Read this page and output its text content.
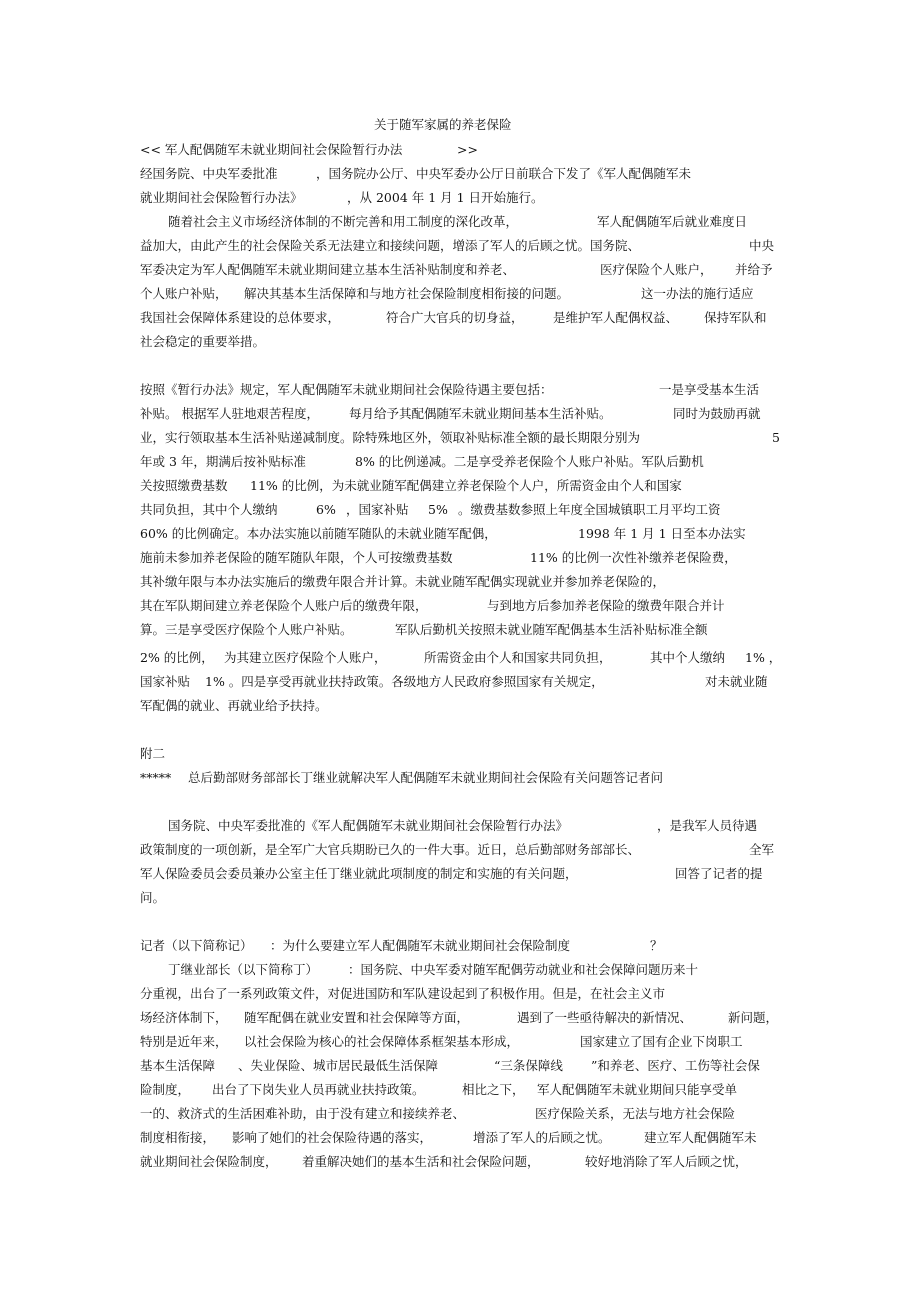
关于随军家属的养老保险
<< 军人配偶随军未就业期间社会保险暂行办法	>>
经国务院、中央军委批准	，国务院办公厅、中央军委办公厅日前联合下发了《军人配偶随军未
就业期间社会保险暂行办法》	，从 2004 年 1 月 1 日开始施行。
随着社会主义市场经济体制的不断完善和用工制度的深化改革，	军人配偶随军后就业难度日
益加大，由此产生的社会保险关系无法建立和接续问题，增添了军人的后顾之忧。国务院、	中央
军委决定为军人配偶随军未就业期间建立基本生活补贴制度和养老、	医疗保险个人账户， 并给予
个人账户补贴， 解决其基本生活保障和与地方社会保险制度相衔接的问题。	这一办法的施行适应
我国社会保障体系建设的总体要求，	符合广大官兵的切身益， 是维护军人配偶权益、 保持军队和
社会稳定的重要举措。
按照《暂行办法》规定，军人配偶随军未就业期间社会保险待遇主要包括：	一是享受基本生活
补贴。 根据军人驻地艰苦程度， 每月给予其配偶随军未就业期间基本生活补贴。	同时为鼓励再就
业，实行领取基本生活补贴递减制度。除特殊地区外，领取补贴标准全额的最长期限分别为	5
年或 3 年，期满后按补贴标准	8% 的比例递减。二是享受养老保险个人账户补贴。军队后勤机
关按照缴费基数 11% 的比例，为未就业随军配偶建立养老保险个人户，所需资金由个人和国家
共同负担，其中个人缴纳	6% ，国家补贴 5% 。缴费基数参照上年度全国城镇职工月平均工资
60% 的比例确定。本办法实施以前随军随队的未就业随军配偶，	1998 年 1 月 1 日至本办法实
施前未参加养老保险的随军随队年限，个人可按缴费基数	11% 的比例一次性补缴养老保险费，
其补缴年限与本办法实施后的缴费年限合并计算。未就业随军配偶实现就业并参加养老保险的，
其在军队期间建立养老保险个人账户后的缴费年限，	与到地方后参加养老保险的缴费年限合并计
算。三是享受医疗保险个人账户补贴。	军队后勤机关按照未就业随军配偶基本生活补贴标准全额
2% 的比例， 为其建立医疗保险个人账户，	所需资金由个人和国家共同负担，	其中个人缴纳 1% ，
国家补贴 1% 。四是享受再就业扶持政策。各级地方人民政府参照国家有关规定，	对未就业随
军配偶的就业、再就业给予扶持。
附二
***** 总后勤部财务部部长丁继业就解决军人配偶随军未就业期间社会保险有关问题答记者问
国务院、中央军委批准的《军人配偶随军未就业期间社会保险暂行办法》	，是我军人员待遇
政策制度的一项创新，是全军广大官兵期盼已久的一件大事。近日，总后勤部财务部部长、	全军
军人保险委员会委员兼办公室主任丁继业就此项制度的制定和实施的有关问题，	回答了记者的提
问。
记者（以下简称记） ：为什么要建立军人配偶随军未就业期间社会保险制度	？
丁继业部长（以下简称丁） ：国务院、中央军委对随军配偶劳动就业和社会保障问题历来十
分重视，出台了一系列政策文件，对促进国防和军队建设起到了积极作用。但是，在社会主义市
场经济体制下， 随军配偶在就业安置和社会保障等方面，	遇到了一些亟待解决的新情况、	新问题，
特别是近年来， 以社会保险为核心的社会保障体系框架基本形成，	国家建立了国有企业下岗职工
基本生活保障 、失业保险、城市居民最低生活保障	“三条保障线 ”和养老、医疗、工伤等社会保
险制度， 出台了下岗失业人员再就业扶持政策。	相比之下， 军人配偶随军未就业期间只能享受单
一的、救济式的生活困难补助，由于没有建立和接续养老、	医疗保险关系，无法与地方社会保险
制度相衔接， 影响了她们的社会保险待遇的落实，	增添了军人的后顾之忧。	建立军人配偶随军未
就业期间社会保险制度， 着重解决她们的基本生活和社会保险问题，	较好地消除了军人后顾之忧，
